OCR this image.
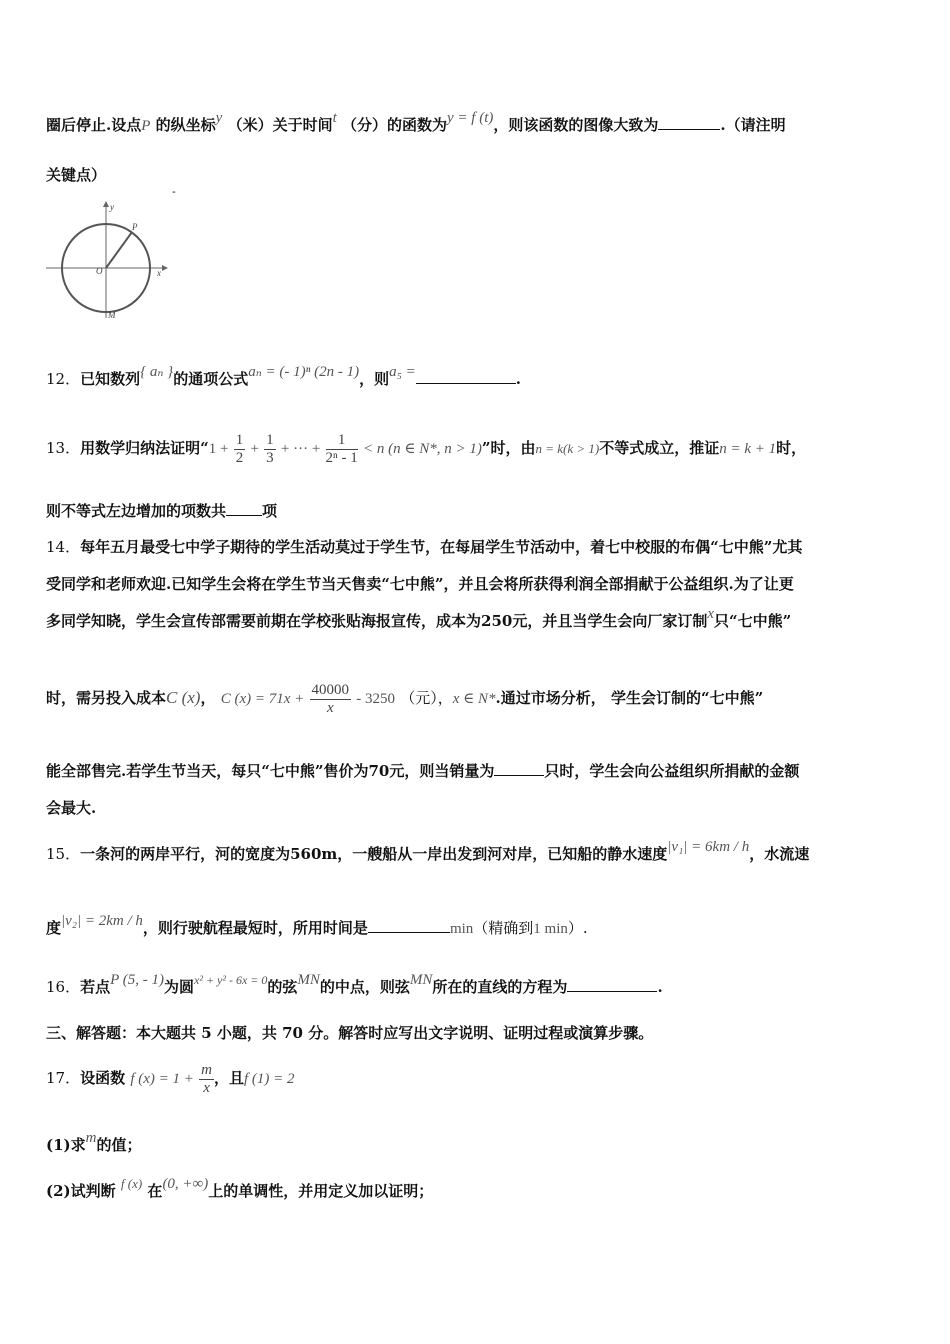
圈后停止.设点P 的纵坐标y （米）关于时间t （分）的函数为y = f (t)，则该函数的图像大致为	.（请注明
关键点）
-
y
P
O	x
M
12．已知数列{ aₙ }的通项公式aₙ = (- 1)ⁿ (2n - 1)，则a₅ =	.
13．用数学归纳法证明“$1 + \frac{1}{2} + \frac{1}{3}$ + ··· + $\frac{1}{\text{2ⁿ - 1}} < n$ (n ∈ N*, n > 1)”时，由n = k(k > 1)不等式成立，推证n = k + 1时，
则不等式左边增加的项数共 项
14．每年五月最受七中学子期待的学生活动莫过于学生节，在每届学生节活动中，着七中校服的布偶“七中熊”尤其
受同学和老师欢迎.已知学生会将在学生节当天售卖“七中熊”，并且会将所获得利润全部捐献于公益组织.为了让更
多同学知晓，学生会宣传部需要前期在学校张贴海报宣传，成本为250元，并且当学生会向厂家订制x只“七中熊”
时，需另投入成本C (x)， C $(x) = 71x + \frac{40000}{x} - 3250$ （元），x ∈ N*.通过市场分析， 学生会订制的“七中熊”
能全部售完.若学生节当天，每只“七中熊”售价为70元，则当销量为	只时，学生会向公益组织所捐献的金额
会最大.
15．一条河的两岸平行，河的宽度为560m，一艘船从一岸出发到河对岸，已知船的静水速度|v₁| = 6km / h，水流速
度|v₂| = 2km / h，则行驶航程最短时，所用时间是	min（精确到1 min）.
16．若点P (5, - 1)为圆$^{x^2 + y^2 - 6x = 0}$的弦MN的中点，则弦MN所在的直线的方程为	.
三、解答题：本大题共 5 小题，共 70 分。解答时应写出文字说明、证明过程或演算步骤。
17．设函数 f $(x) = 1 + \frac{m}{x}$ ，且f (1) = 2
(1)求m的值；
(2)试判断 f (x) 在(0, +∞)上的单调性，并用定义加以证明；
